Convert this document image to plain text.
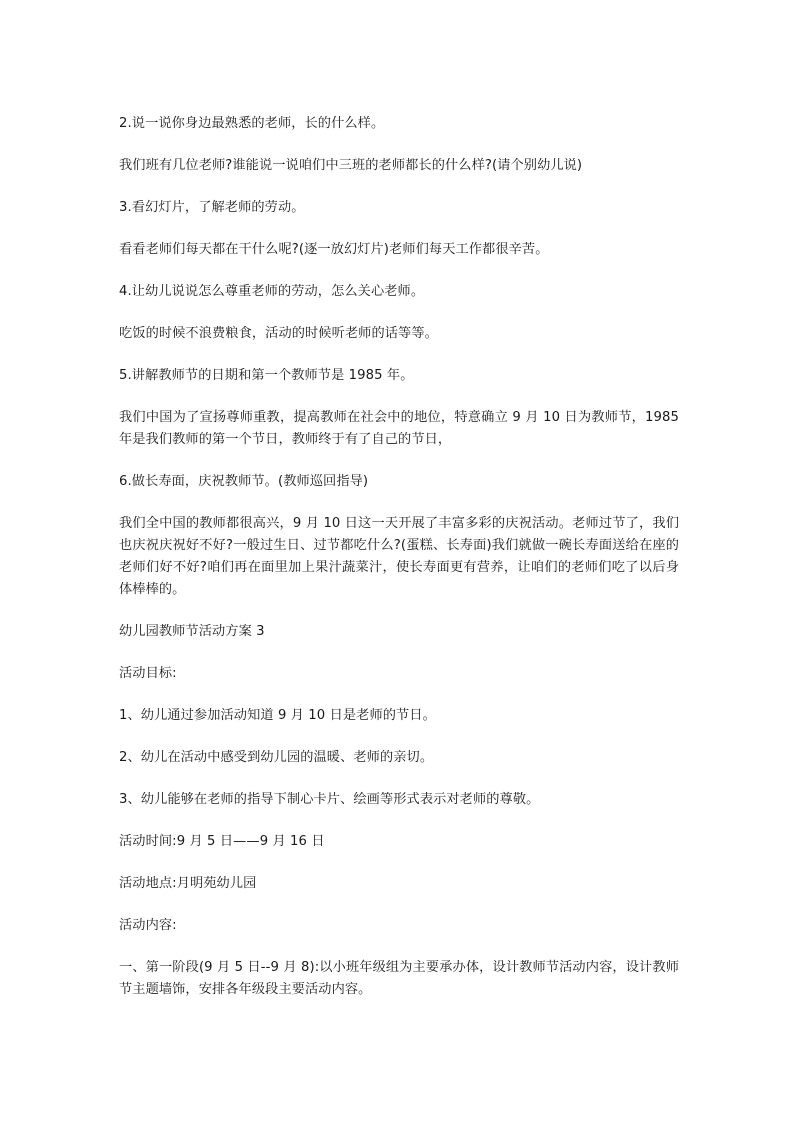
2.说一说你身边最熟悉的老师，长的什么样。

我们班有几位老师?谁能说一说咱们中三班的老师都长的什么样?(请个别幼儿说)

3.看幻灯片，了解老师的劳动。

看看老师们每天都在干什么呢?(逐一放幻灯片)老师们每天工作都很辛苦。

4.让幼儿说说怎么尊重老师的劳动，怎么关心老师。

吃饭的时候不浪费粮食，活动的时候听老师的话等等。

5.讲解教师节的日期和第一个教师节是 1985 年。

我们中国为了宣扬尊师重教，提高教师在社会中的地位，特意确立 9 月 10 日为教师节，1985 年是我们教师的第一个节日，教师终于有了自己的节日，

6.做长寿面，庆祝教师节。(教师巡回指导)

我们全中国的教师都很高兴，9 月 10 日这一天开展了丰富多彩的庆祝活动。老师过节了，我们也庆祝庆祝好不好?一般过生日、过节都吃什么?(蛋糕、长寿面)我们就做一碗长寿面送给在座的老师们好不好?咱们再在面里加上果汁蔬菜汁，使长寿面更有营养，让咱们的老师们吃了以后身体棒棒的。

幼儿园教师节活动方案 3

活动目标:

1、幼儿通过参加活动知道 9 月 10 日是老师的节日。

2、幼儿在活动中感受到幼儿园的温暖、老师的亲切。

3、幼儿能够在老师的指导下制心卡片、绘画等形式表示对老师的尊敬。

活动时间:9 月 5 日——9 月 16 日

活动地点:月明苑幼儿园

活动内容:

一、第一阶段(9 月 5 日--9 月 8):以小班年级组为主要承办体，设计教师节活动内容，设计教师节主题墙饰，安排各年级段主要活动内容。
